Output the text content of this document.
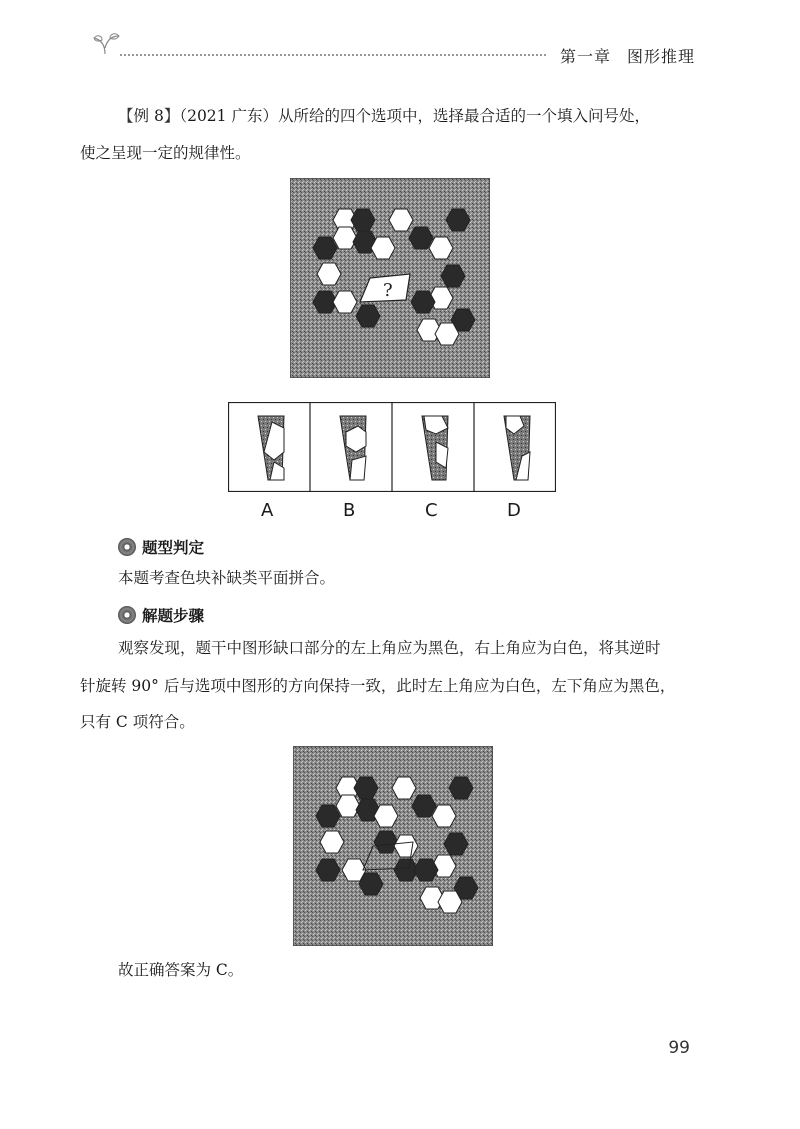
第一章 图形推理
【例 8】（2021 广东）从所给的四个选项中，选择最合适的一个填入问号处，
使之呈现一定的规律性。
?
A	B	C	D
题型判定
本题考查色块补缺类平面拼合。
解题步骤
观察发现，题干中图形缺口部分的左上角应为黑色，右上角应为白色，将其逆时
针旋转 90° 后与选项中图形的方向保持一致，此时左上角应为白色，左下角应为黑色，
只有 C 项符合。
故正确答案为 C。
99
